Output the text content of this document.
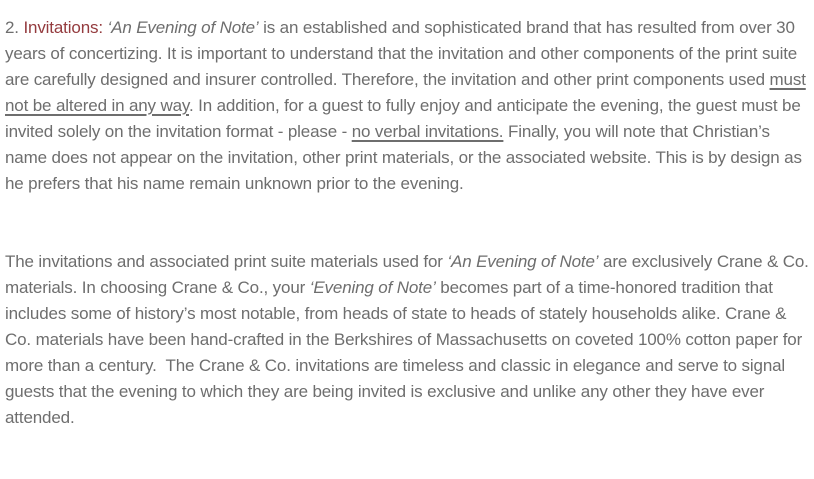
2. Invitations: ‘An Evening of Note’ is an established and sophisticated brand that has resulted from over 30 years of concertizing. It is important to understand that the invitation and other components of the print suite are carefully designed and insurer controlled. Therefore, the invitation and other print components used must not be altered in any way. In addition, for a guest to fully enjoy and anticipate the evening, the guest must be invited solely on the invitation format - please - no verbal invitations. Finally, you will note that Christian’s name does not appear on the invitation, other print materials, or the associated website. This is by design as he prefers that his name remain unknown prior to the evening.

The invitations and associated print suite materials used for ‘An Evening of Note’ are exclusively Crane & Co. materials. In choosing Crane & Co., your ‘Evening of Note’ becomes part of a time-honored tradition that includes some of history’s most notable, from heads of state to heads of stately households alike. Crane & Co. materials have been hand-crafted in the Berkshires of Massachusetts on coveted 100% cotton paper for more than a century.  The Crane & Co. invitations are timeless and classic in elegance and serve to signal guests that the evening to which they are being invited is exclusive and unlike any other they have ever attended.
